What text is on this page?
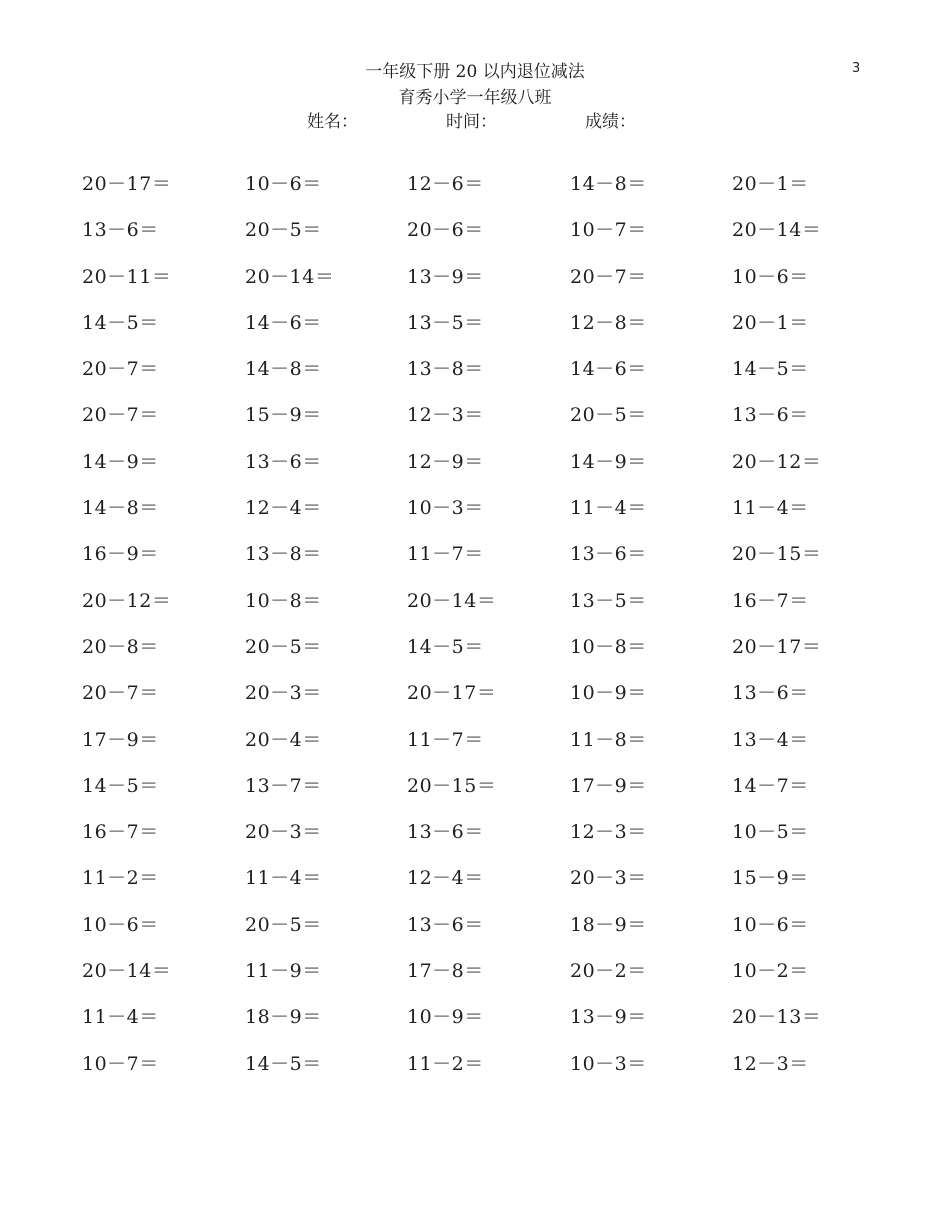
3
一年级下册 20 以内退位减法
育秀小学一年级八班
姓名：	时间：	成绩：
20－17＝	10－6＝	12－6＝	14－8＝	20－1＝
13－6＝	20－5＝	20－6＝	10－7＝	20－14＝
20－11＝	20－14＝	13－9＝	20－7＝	10－6＝
14－5＝	14－6＝	13－5＝	12－8＝	20－1＝
20－7＝	14－8＝	13－8＝	14－6＝	14－5＝
20－7＝	15－9＝	12－3＝	20－5＝	13－6＝
14－9＝	13－6＝	12－9＝	14－9＝	20－12＝
14－8＝	12－4＝	10－3＝	11－4＝	11－4＝
16－9＝	13－8＝	11－7＝	13－6＝	20－15＝
20－12＝	10－8＝	20－14＝	13－5＝	16－7＝
20－8＝	20－5＝	14－5＝	10－8＝	20－17＝
20－7＝	20－3＝	20－17＝	10－9＝	13－6＝
17－9＝	20－4＝	11－7＝	11－8＝	13－4＝
14－5＝	13－7＝	20－15＝	17－9＝	14－7＝
16－7＝	20－3＝	13－6＝	12－3＝	10－5＝
11－2＝	11－4＝	12－4＝	20－3＝	15－9＝
10－6＝	20－5＝	13－6＝	18－9＝	10－6＝
20－14＝	11－9＝	17－8＝	20－2＝	10－2＝
11－4＝	18－9＝	10－9＝	13－9＝	20－13＝
10－7＝	14－5＝	11－2＝	10－3＝	12－3＝
